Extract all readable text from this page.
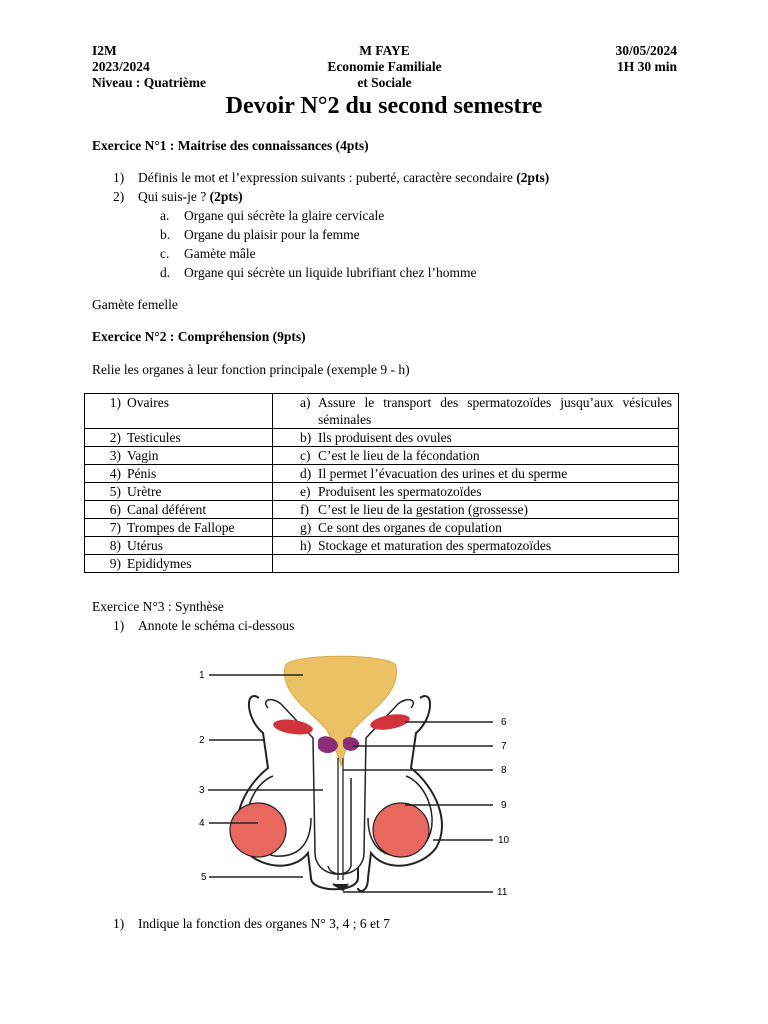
I2M
2023/2024
Niveau : Quatrième
M FAYE
Economie Familiale
et Sociale
30/05/2024
1H 30 min
Devoir N°2 du second semestre
Exercice N°1 : Maitrise des connaissances (4pts)
1) Définis le mot et l’expression suivants : puberté, caractère secondaire (2pts)
2) Qui suis-je ? (2pts)
a. Organe qui sécrète la glaire cervicale
b. Organe du plaisir pour la femme
c. Gamète mâle
d. Organe qui sécrète un liquide lubrifiant chez l’homme
Gamète femelle
Exercice N°2 : Compréhension (9pts)
Relie les organes à leur fonction principale (exemple 9 - h)
1) Ovaires	a) Assure le transport des spermatozoïdes jusqu’aux vésicules séminales

2) Testicules	b) Ils produisent des ovules

3) Vagin	c) C’est le lieu de la fécondation

4) Pénis	d) Il permet l’évacuation des urines et du sperme

5) Urètre	e) Produisent les spermatozoïdes

6) Canal déférent	f) C’est le lieu de la gestation (grossesse)

7) Trompes de Fallope	g) Ce sont des organes de copulation

8) Utérus	h) Stockage et maturation des spermatozoïdes

9) Epididymes	
Exercice N°3 : Synthèse
1) Annote le schéma ci-dessous
1
2
3
4
5
6
7
8
9
10
11
1) Indique la fonction des organes N° 3, 4 ; 6 et 7
